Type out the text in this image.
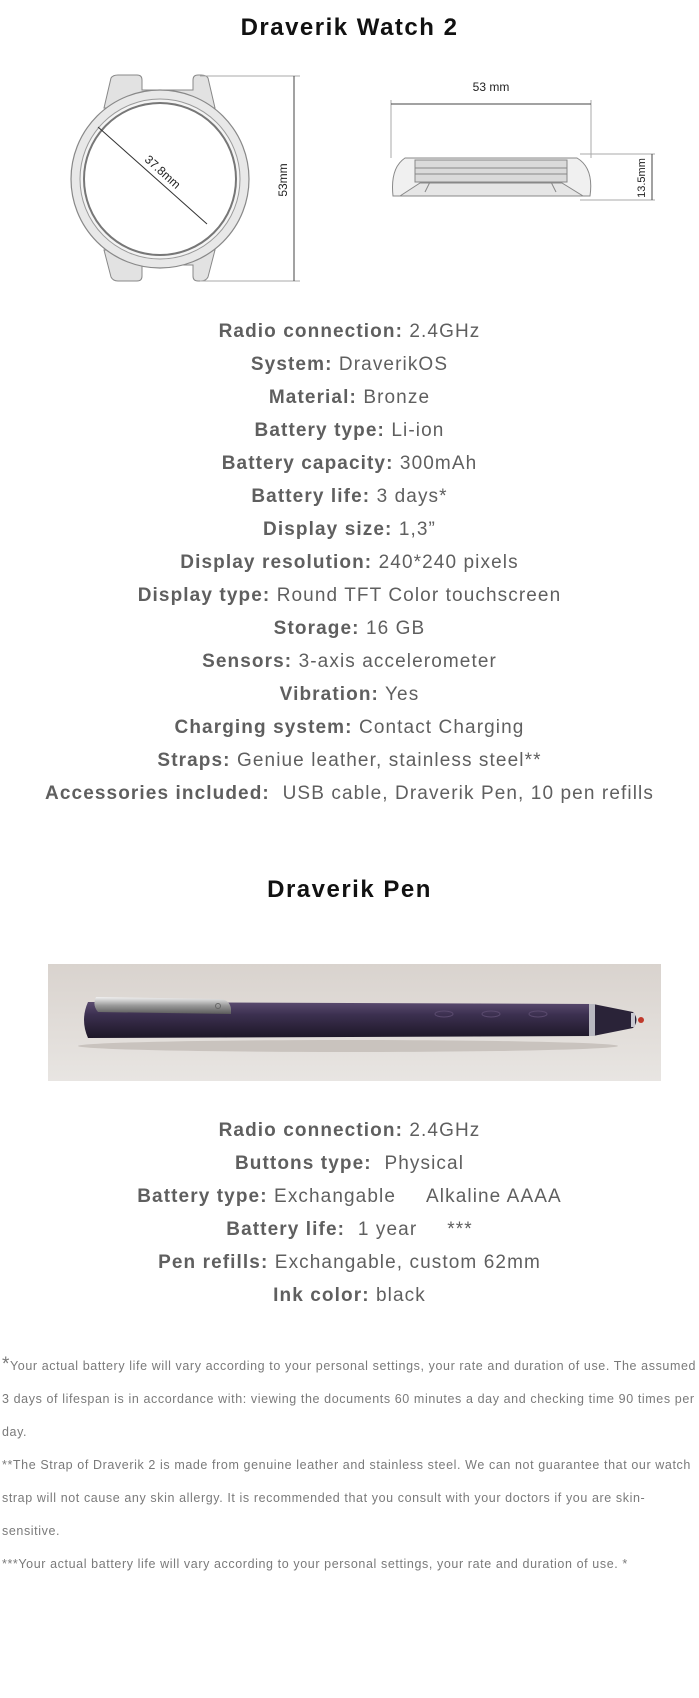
Draverik Watch 2
37.8mm	53mm
53 mm
13.5mm
Radio connection: 2.4GHz
System: DraverikOS
Material: Bronze
Battery type: Li-ion
Battery capacity: 300mAh
Battery life: 3 days*
Display size: 1,3”
Display resolution: 240*240 pixels
Display type: Round TFT Color touchscreen
Storage: 16 GB
Sensors: 3-axis accelerometer
Vibration: Yes
Charging system: Contact Charging
Straps: Geniue leather, stainless steel**
Accessories included: USB cable, Draverik Pen, 10 pen refills
Draverik Pen
Radio connection: 2.4GHz
Buttons type: Physical
Battery type: Exchangable Alkaline AAAA
Battery life: 1 year ***
Pen refills: Exchangable, custom 62mm
Ink color: black

*Your actual battery life will vary according to your personal settings, your rate and duration of use. The assumed 3 days of lifespan is in accordance with: viewing the documents 60 minutes a day and checking time 90 times per day.

**The Strap of Draverik 2 is made from genuine leather and stainless steel. We can not guarantee that our watch strap will not cause any skin allergy. It is recommended that you consult with your doctors if you are skin-sensitive.

***Your actual battery life will vary according to your personal settings, your rate and duration of use. *
